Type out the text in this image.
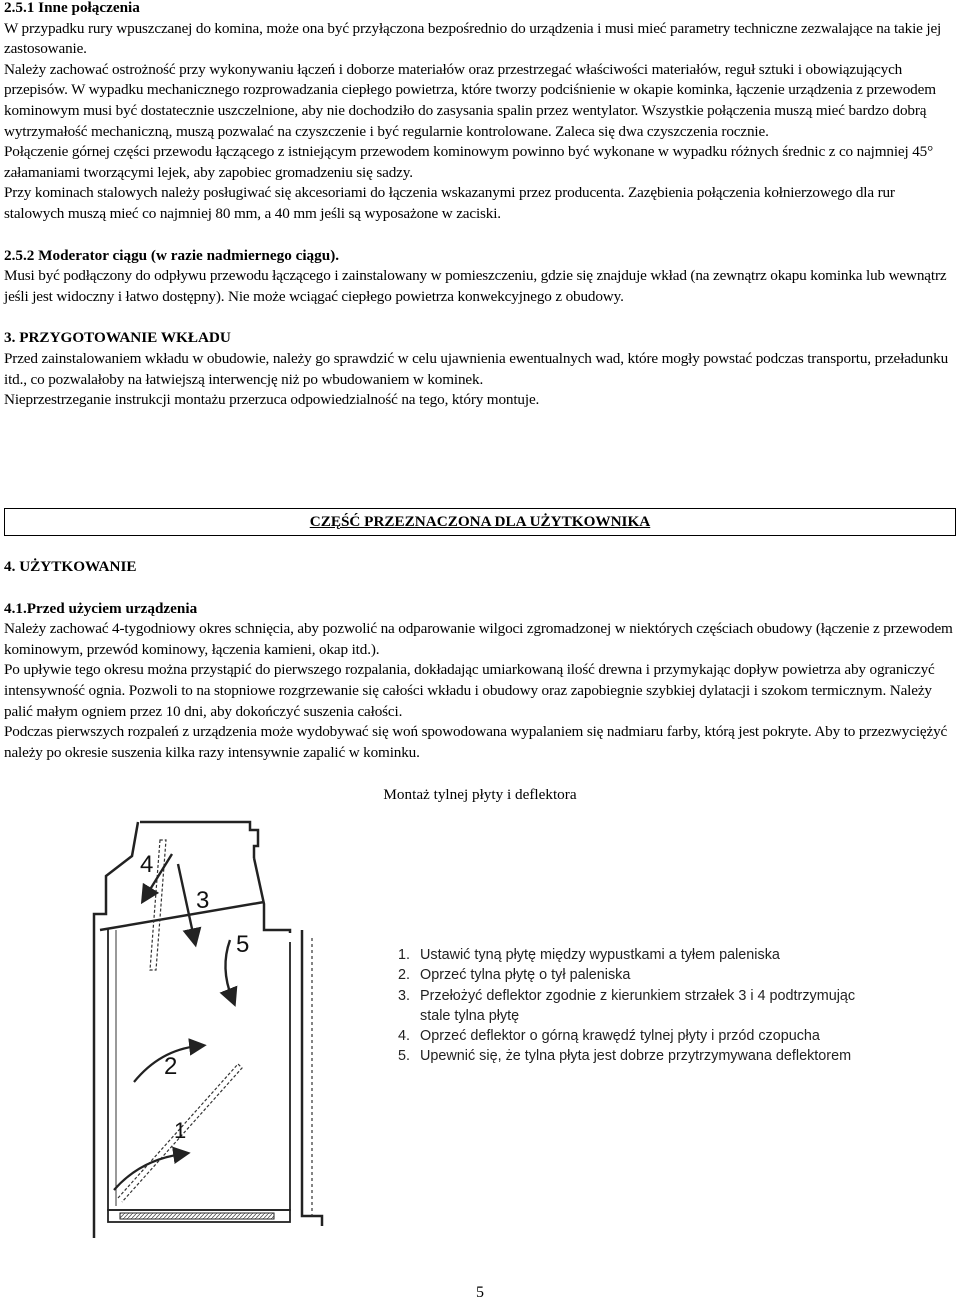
2.5.1 Inne połączenia

W przypadku rury wpuszczanej do komina, może ona być przyłączona bezpośrednio do urządzenia i musi mieć parametry techniczne zezwalające na takie jej zastosowanie.

Należy zachować ostrożność przy wykonywaniu łączeń i doborze materiałów oraz przestrzegać właściwości materiałów, reguł sztuki i obowiązujących przepisów. W wypadku mechanicznego rozprowadzania ciepłego powietrza, które tworzy podciśnienie w okapie kominka, łączenie urządzenia z przewodem kominowym musi być dostatecznie uszczelnione, aby nie dochodziło do zasysania spalin przez wentylator. Wszystkie połączenia muszą mieć bardzo dobrą wytrzymałość mechaniczną, muszą pozwalać na czyszczenie i być regularnie kontrolowane. Zaleca się dwa czyszczenia rocznie.

Połączenie górnej części przewodu łączącego z istniejącym przewodem kominowym powinno być wykonane w wypadku różnych średnic z co najmniej 45° załamaniami tworzącymi lejek, aby zapobiec gromadzeniu się sadzy.

Przy kominach stalowych należy posługiwać się akcesoriami do łączenia wskazanymi przez producenta. Zazębienia połączenia kołnierzowego dla rur stalowych muszą mieć co najmniej 80 mm, a 40 mm jeśli są wyposażone w zaciski.

2.5.2 Moderator ciągu (w razie nadmiernego ciągu).

Musi być podłączony do odpływu przewodu łączącego i zainstalowany w pomieszczeniu, gdzie się znajduje wkład (na zewnątrz okapu kominka lub wewnątrz jeśli jest widoczny i łatwo dostępny). Nie może wciągać ciepłego powietrza konwekcyjnego z obudowy.

3. PRZYGOTOWANIE WKŁADU

Przed zainstalowaniem wkładu w obudowie, należy go sprawdzić w celu ujawnienia ewentualnych wad, które mogły powstać podczas transportu, przeładunku itd., co pozwalałoby na łatwiejszą interwencję niż po wbudowaniem w kominek.

Nieprzestrzeganie instrukcji montażu przerzuca odpowiedzialność na tego, który montuje.

CZĘŚĆ PRZEZNACZONA DLA UŻYTKOWNIKA

4. UŻYTKOWANIE

4.1.Przed użyciem urządzenia

Należy zachować 4-tygodniowy okres schnięcia, aby pozwolić na odparowanie wilgoci zgromadzonej w niektórych częściach obudowy (łączenie z przewodem kominowym, przewód kominowy, łączenia kamieni, okap itd.).

Po upływie tego okresu można przystąpić do pierwszego rozpalania, dokładając umiarkowaną ilość drewna i przymykając dopływ powietrza aby ograniczyć intensywność ognia. Pozwoli to na stopniowe rozgrzewanie się całości wkładu i obudowy oraz zapobiegnie szybkiej dylatacji i szokom termicznym. Należy palić małym ogniem przez 10 dni, aby dokończyć suszenia całości.

Podczas pierwszych rozpaleń z urządzenia może wydobywać się woń spowodowana wypalaniem się nadmiaru farby, którą jest pokryte. Aby to przezwyciężyć należy po okresie suszenia kilka razy intensywnie zapalić w kominku.

Montaż tylnej płyty i deflektora
4
3
5
2
1
1. Ustawić tyną płytę między wypustkami a tyłem paleniska
2. Oprzeć tylna płytę o tył paleniska
3. Przełożyć deflektor zgodnie z kierunkiem strzałek 3 i 4 podtrzymując
stale tylna płytę
4. Oprzeć deflektor o górną krawędź tylnej płyty i przód czopucha
5. Upewnić się, że tylna płyta jest dobrze przytrzymywana deflektorem
5
